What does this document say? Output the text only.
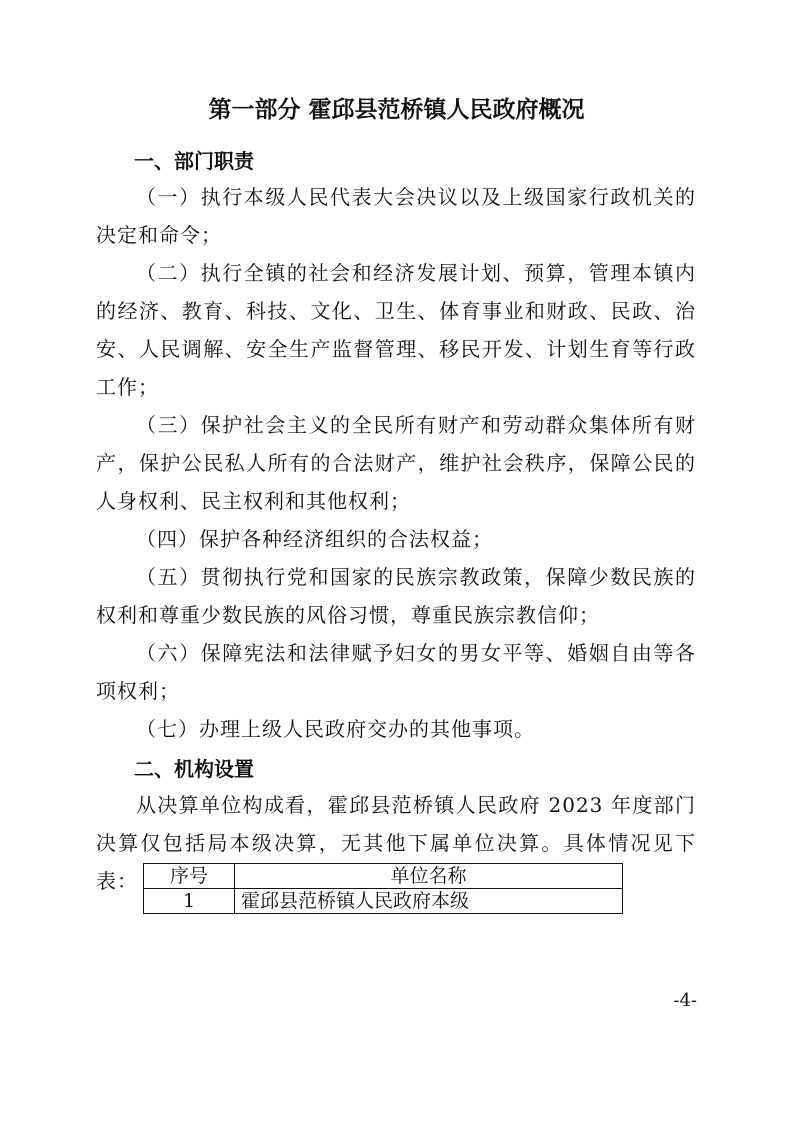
第一部分 霍邱县范桥镇人民政府概况
一、部门职责

（一）执行本级人民代表大会决议以及上级国家行政机关的决定和命令；

（二）执行全镇的社会和经济发展计划、预算，管理本镇内的经济、教育、科技、文化、卫生、体育事业和财政、民政、治安、人民调解、安全生产监督管理、移民开发、计划生育等行政工作；

（三）保护社会主义的全民所有财产和劳动群众集体所有财产，保护公民私人所有的合法财产，维护社会秩序，保障公民的人身权利、民主权利和其他权利；

（四）保护各种经济组织的合法权益；

（五）贯彻执行党和国家的民族宗教政策，保障少数民族的权利和尊重少数民族的风俗习惯，尊重民族宗教信仰；

（六）保障宪法和法律赋予妇女的男女平等、婚姻自由等各项权利；

（七）办理上级人民政府交办的其他事项。

二、机构设置

从决算单位构成看，霍邱县范桥镇人民政府 2023 年度部门决算仅包括局本级决算，无其他下属单位决算。具体情况见下表：	序号	单位名称
1	霍邱县范桥镇人民政府本级
-4-
